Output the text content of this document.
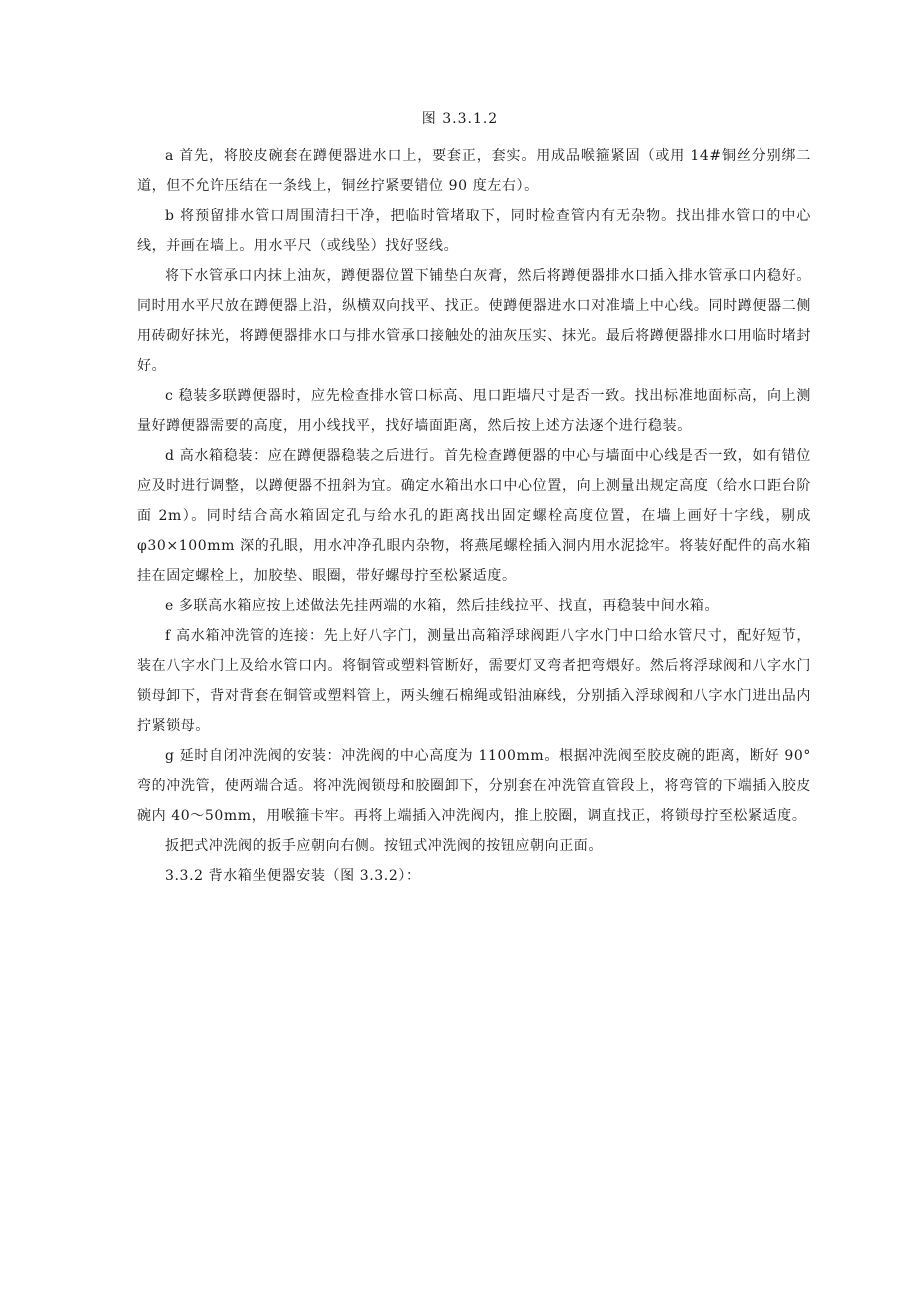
图 3.3.1.2

a 首先，将胶皮碗套在蹲便器进水口上，要套正，套实。用成品喉箍紧固（或用 14#铜丝分别绑二道，但不允许压结在一条线上，铜丝拧紧要错位 90 度左右）。

b 将预留排水管口周围清扫干净，把临时管堵取下，同时检查管内有无杂物。找出排水管口的中心线，并画在墙上。用水平尺（或线坠）找好竖线。

将下水管承口内抹上油灰，蹲便器位置下铺垫白灰膏，然后将蹲便器排水口插入排水管承口内稳好。同时用水平尺放在蹲便器上沿，纵横双向找平、找正。使蹲便器进水口对准墙上中心线。同时蹲便器二侧用砖砌好抹光，将蹲便器排水口与排水管承口接触处的油灰压实、抹光。最后将蹲便器排水口用临时堵封好。

c 稳装多联蹲便器时，应先检查排水管口标高、甩口距墙尺寸是否一致。找出标准地面标高，向上测量好蹲便器需要的高度，用小线找平，找好墙面距离，然后按上述方法逐个进行稳装。

d 高水箱稳装：应在蹲便器稳装之后进行。首先检查蹲便器的中心与墙面中心线是否一致，如有错位应及时进行调整，以蹲便器不扭斜为宜。确定水箱出水口中心位置，向上测量出规定高度（给水口距台阶面 2m）。同时结合高水箱固定孔与给水孔的距离找出固定螺栓高度位置，在墙上画好十字线，剔成 φ30×100mm 深的孔眼，用水冲净孔眼内杂物，将燕尾螺栓插入洞内用水泥捻牢。将装好配件的高水箱挂在固定螺栓上，加胶垫、眼圈，带好螺母拧至松紧适度。

e 多联高水箱应按上述做法先挂两端的水箱，然后挂线拉平、找直，再稳装中间水箱。

f 高水箱冲洗管的连接：先上好八字门，测量出高箱浮球阀距八字水门中口给水管尺寸，配好短节，装在八字水门上及给水管口内。将铜管或塑料管断好，需要灯叉弯者把弯煨好。然后将浮球阀和八字水门锁母卸下，背对背套在铜管或塑料管上，两头缠石棉绳或铅油麻线，分别插入浮球阀和八字水门进出品内拧紧锁母。

g 延时自闭冲洗阀的安装：冲洗阀的中心高度为 1100mm。根据冲洗阀至胶皮碗的距离，断好 90°弯的冲洗管，使两端合适。将冲洗阀锁母和胶圈卸下，分别套在冲洗管直管段上，将弯管的下端插入胶皮碗内 40～50mm，用喉箍卡牢。再将上端插入冲洗阀内，推上胶圈，调直找正，将锁母拧至松紧适度。

扳把式冲洗阀的扳手应朝向右侧。按钮式冲洗阀的按钮应朝向正面。

3.3.2 背水箱坐便器安装（图 3.3.2）：
